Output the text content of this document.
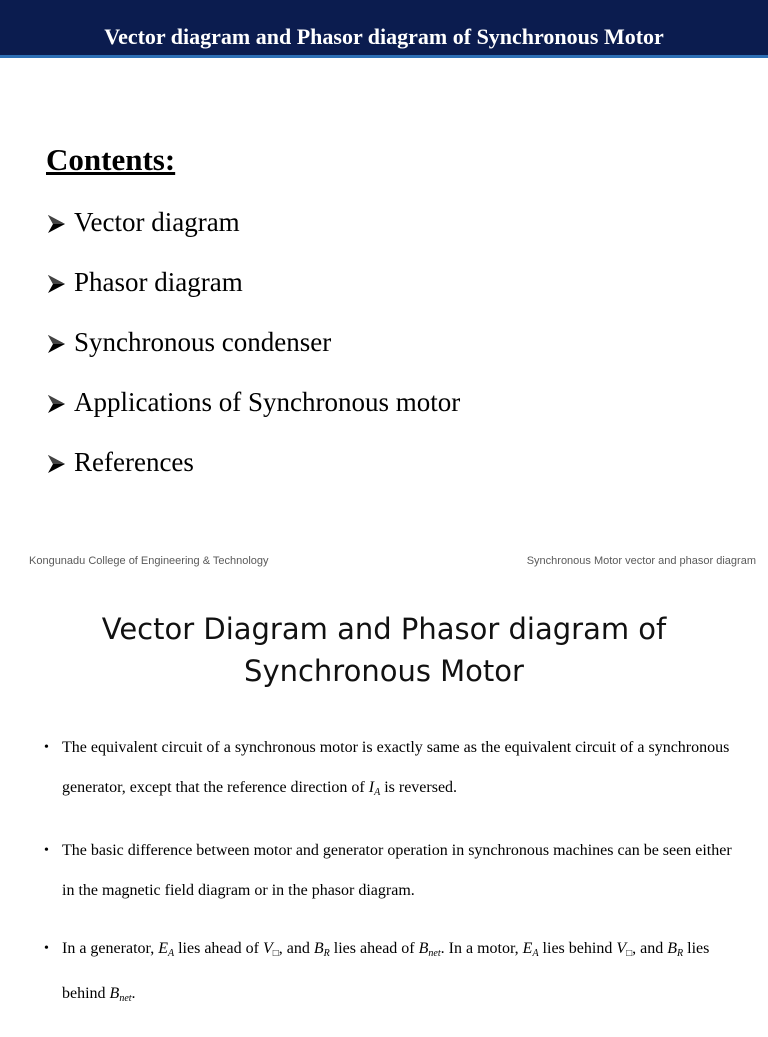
Vector diagram and Phasor diagram of Synchronous Motor
Contents:
Vector diagram
Phasor diagram
Synchronous condenser
Applications of Synchronous motor
References
Kongunadu College of Engineering & Technology	Synchronous Motor vector and phasor diagram
Vector Diagram and Phasor diagram of
Synchronous Motor
• The equivalent circuit of a synchronous motor is exactly same as the equivalent circuit of a synchronous generator, except that the reference direction of $I_A$ is reversed.
• The basic difference between motor and generator operation in synchronous machines can be seen either in the magnetic field diagram or in the phasor diagram.
• In a generator, $E_A$ lies ahead of $V_□$, and $B_R$ lies ahead of $B_{net}$. In a motor, $E_A$ lies behind $V_□$, and $B_R$ lies behind $B_{net}$.
